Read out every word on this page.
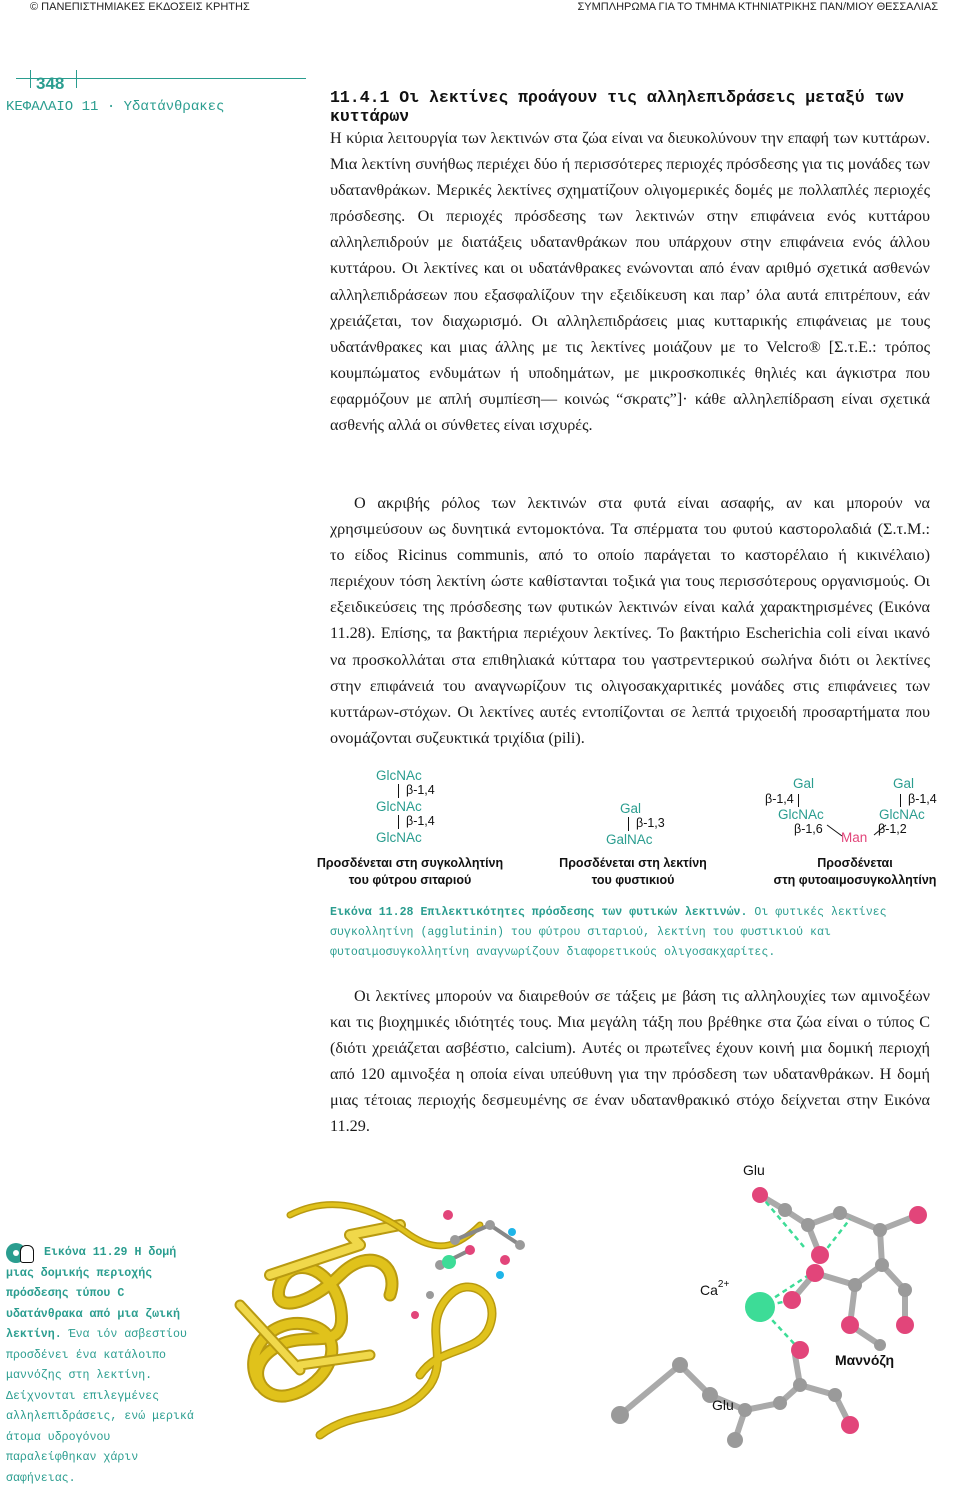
© ΠΑΝΕΠΙΣΤΗΜΙΑΚΕΣ ΕΚΔΟΣΕΙΣ ΚΡΗΤΗΣ	ΣΥΜΠΛΗΡΩΜΑ ΓΙΑ ΤΟ ΤΜΗΜΑ ΚΤΗΝΙΑΤΡΙΚΗΣ ΠΑΝ/ΜΙΟΥ ΘΕΣΣΑΛΙΑΣ
348
ΚΕΦΑΛΑΙΟ 11 · Υδατάνθρακες	11.4.1 Οι λεκτίνες προάγουν τις αλληλεπιδράσεις μεταξύ των κυττάρων

Η κύρια λειτουργία των λεκτινών στα ζώα είναι να διευκολύνουν την επαφή των κυττάρων. Μια λεκτίνη συνήθως περιέχει δύο ή περισσότερες περιοχές πρόσδεσης για τις μονάδες των υδατανθράκων. Μερικές λεκτίνες σχηματίζουν ολιγομερικές δομές με πολλαπλές περιοχές πρόσδεσης. Οι περιοχές πρόσδεσης των λεκτινών στην επιφάνεια ενός κυττάρου αλληλεπιδρούν με διατάξεις υδατανθράκων που υπάρχουν στην επιφάνεια ενός άλλου κυττάρου. Οι λεκτίνες και οι υδατάνθρακες ενώνονται από έναν αριθμό σχετικά ασθενών αλληλεπιδράσεων που εξασφαλίζουν την εξειδίκευση και παρ’ όλα αυτά επιτρέπουν, εάν χρειάζεται, τον διαχωρισμό. Οι αλληλεπιδράσεις μιας κυτταρικής επιφάνειας με τους υδατάνθρακες και μιας άλλης με τις λεκτίνες μοιάζουν με το Velcro® [Σ.τ.Ε.: τρόπος κουμπώματος ενδυμάτων ή υποδημάτων, με μικροσκοπικές θηλιές και άγκιστρα που εφαρμόζουν με απλή συμπίεση— κοινώς “σκρατς”]· κάθε αλληλεπίδραση είναι σχετικά ασθενής αλλά οι σύνθετες είναι ισχυρές.

Ο ακριβής ρόλος των λεκτινών στα φυτά είναι ασαφής, αν και μπορούν να χρησιμεύσουν ως δυνητικά εντομοκτόνα. Τα σπέρματα του φυτού καστορολαδιά (Σ.τ.Μ.: το είδος Ricinus communis, από το οποίο παράγεται το καστορέλαιο ή κικινέλαιο) περιέχουν τόση λεκτίνη ώστε καθίστανται τοξικά για τους περισσότερους οργανισμούς. Οι εξειδικεύσεις της πρόσδεσης των φυτικών λεκτινών είναι καλά χαρακτηρισμένες (Εικόνα 11.28). Επίσης, τα βακτήρια περιέχουν λεκτίνες. Το βακτήριο Escherichia coli είναι ικανό να προσκολλάται στα επιθηλιακά κύτταρα του γαστρεντερικού σωλήνα διότι οι λεκτίνες στην επιφάνειά του αναγνωρίζουν τις ολιγοσακχαριτικές μονάδες στις επιφάνειες των κυττάρων-στόχων. Οι λεκτίνες αυτές εντοπίζονται σε λεπτά τριχοειδή προσαρτήματα που ονομάζονται συζευκτικά τριχίδια (pili).

GlcNAc
β-1,4
GlcNAc
β-1,4
GlcNAc
Προσδένεται στη συγκολλητίνη
του φύτρου σιταριού
Gal
β-1,3
GalNAc
Προσδένεται στη λεκτίνη
του φυστικιού
Gal	Gal
β-1,4	β-1,4
GlcNAc	GlcNAc
β-1,6	β-1,2
Man
Προσδένεται
στη φυτοαιμοσυγκολλητίνη
Εικόνα 11.28 Επιλεκτικότητες πρόσδεσης των φυτικών λεκτινών. Οι φυτικές λεκτίνες συγκολλητίνη (agglutinin) του φύτρου σιταριού, λεκτίνη του φυστικιού και φυτοαιμοσυγκολλητίνη αναγνωρίζουν διαφορετικούς ολιγοσακχαρίτες.

Οι λεκτίνες μπορούν να διαιρεθούν σε τάξεις με βάση τις αλληλουχίες των αμινοξέων και τις βιοχημικές ιδιότητές τους. Μια μεγάλη τάξη που βρέθηκε στα ζώα είναι ο τύπος C (διότι χρειάζεται ασβέστιο, calcium). Αυτές οι πρωτεΐνες έχουν κοινή μια δομική περιοχή από 120 αμινοξέα η οποία είναι υπεύθυνη για την πρόσδεση των υδατανθράκων. Η δομή μιας τέτοιας περιοχής δεσμευμένης σε έναν υδατανθρακικό στόχο δείχνεται στην Εικόνα 11.29.

Glu
$Ca^{2+}$
Glu
Μαννόζη
Εικόνα 11.29 Η δομή μιας δομικής περιοχής πρόσδεσης τύπου C υδατάνθρακα από μια ζωική λεκτίνη. Ένα ιόν ασβεστίου προσδένει ένα κατάλοιπο μαννόζης στη λεκτίνη. Δείχνονται επιλεγμένες αλληλεπιδράσεις, ενώ μερικά άτομα υδρογόνου παραλείφθηκαν χάριν σαφήνειας.
